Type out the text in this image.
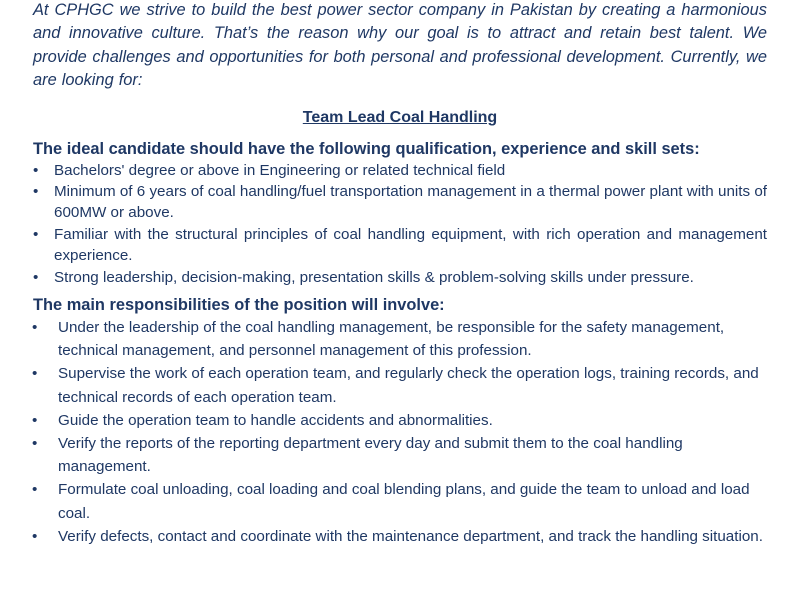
At CPHGC we strive to build the best power sector company in Pakistan by creating a harmonious and innovative culture. That’s the reason why our goal is to attract and retain best talent. We provide challenges and opportunities for both personal and professional development. Currently, we are looking for:

Team Lead Coal Handling
The ideal candidate should have the following qualification, experience and skill sets:
•	Bachelors' degree or above in Engineering or related technical field
•	Minimum of 6 years of coal handling/fuel transportation management in a thermal power plant with units of 600MW or above.
•	Familiar with the structural principles of coal handling equipment, with rich operation and management experience.
•	Strong leadership, decision-making, presentation skills & problem-solving skills under pressure.
The main responsibilities of the position will involve:
•	Under the leadership of the coal handling management, be responsible for the safety management, technical management, and personnel management of this profession.
•	Supervise the work of each operation team, and regularly check the operation logs, training records, and technical records of each operation team.
•	Guide the operation team to handle accidents and abnormalities.
•	Verify the reports of the reporting department every day and submit them to the coal handling management.
•	Formulate coal unloading, coal loading and coal blending plans, and guide the team to unload and load coal.
•	Verify defects, contact and coordinate with the maintenance department, and track the handling situation.
